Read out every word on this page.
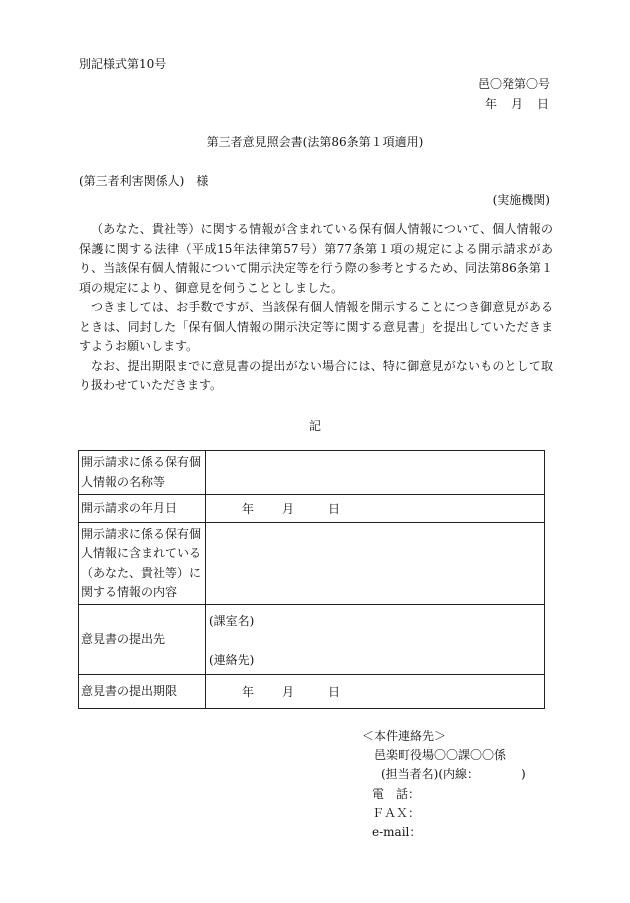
別記様式第10号
邑〇発第〇号
年　月　日
第三者意見照会書(法第86条第１項適用)
(第三者利害関係人)　様
(実施機関)

（あなた、貴社等）に関する情報が含まれている保有個人情報について、個人情報の保護に関する法律（平成15年法律第57号）第77条第１項の規定による開示請求があり、当該保有個人情報について開示決定等を行う際の参考とするため、同法第86条第１項の規定により、御意見を伺うこととしました。

つきましては、お手数ですが、当該保有個人情報を開示することにつき御意見があるときは、同封した「保有個人情報の開示決定等に関する意見書」を提出していただきますようお願いします。

なお、提出期限までに意見書の提出がない場合には、特に御意見がないものとして取り扱わせていただきます。

記
開示請求に係る保有個人情報の名称等	
開示請求の年月日	年 月 日

開示請求に係る保有個人情報に含まれている（あなた、貴社等）に関する情報の内容	
意見書の提出先	(課室名)
(連絡先)

意見書の提出期限	年 月 日
＜本件連絡先＞
邑楽町役場〇〇課〇〇係
(担当者名)(内線：　　　　)
電　話：
ＦＡＸ：
e-mail：
